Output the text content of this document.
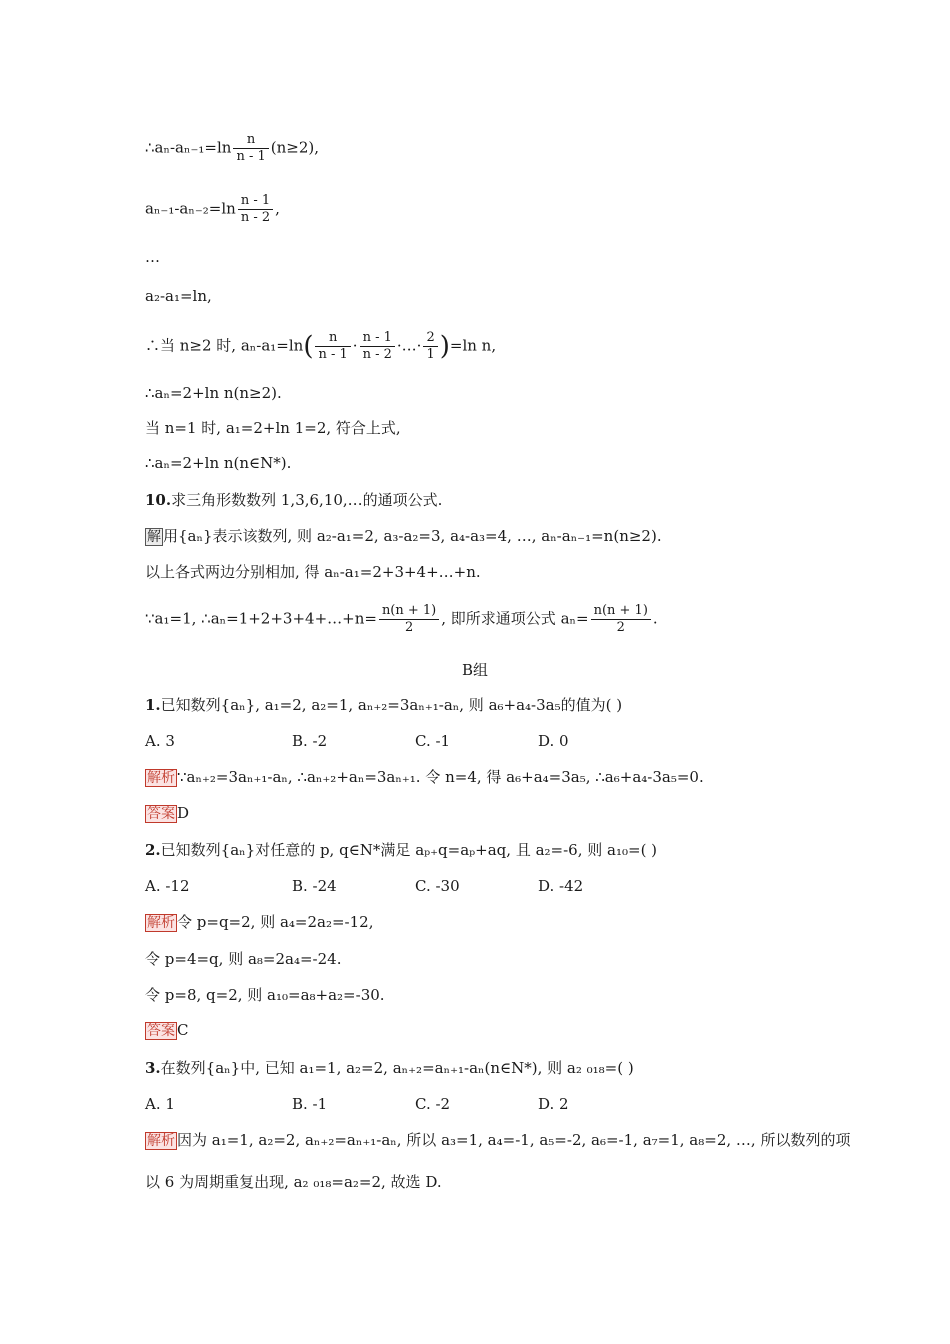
∴aₙ-aₙ₋₁=ln $\frac{n}{n - 1} (n\ge 2)$,
$a_{n-1}-a_{n-2}=\ln \frac{n - 1}{n - 2}$ ,
…
a₂-a₁=ln,
∴当 n≥2 时, $a_n-a_1=\ln( \frac{n}{n - 1} \cdot \frac{n - 1}{n - 2}$ ·…· $\frac{2}{1} )=\ln$ n,
∴aₙ=2+ln n(n≥2).
当 n=1 时, a₁=2+ln 1=2, 符合上式,
∴aₙ=2+ln n(n∈N*).
10.求三角形数数列 1,3,6,10,…的通项公式.
解 用{aₙ}表示该数列, 则 a₂-a₁=2, a₃-a₂=3, a₄-a₃=4, …, aₙ-aₙ₋₁=n(n≥2).
以上各式两边分别相加, 得 aₙ-a₁=2+3+4+…+n.
∵a₁=1, ∴aₙ=1+2+3+4+…+n= $\frac{n(n + 1)}{2}$ , 即所求通项公式 $a_n= \frac{n(n + 1)}{2}$ .
B组
1.已知数列{aₙ}, a₁=2, a₂=1, aₙ₊₂=3aₙ₊₁-aₙ, 则 a₆+a₄-3a₅的值为( )
A. 3	B. -2	C. -1	D. 0
解析 ∵aₙ₊₂=3aₙ₊₁-aₙ, ∴aₙ₊₂+aₙ=3aₙ₊₁. 令 n=4, 得 a₆+a₄=3a₅, ∴a₆+a₄-3a₅=0.
答案 D
2.已知数列{aₙ}对任意的 p, q∈N*满足 aₚ₊q=aₚ+aq, 且 a₂=-6, 则 a₁₀=( )
A. -12	B. -24	C. -30	D. -42
解析 令 p=q=2, 则 a₄=2a₂=-12,
令 p=4=q, 则 a₈=2a₄=-24.
令 p=8, q=2, 则 a₁₀=a₈+a₂=-30.
答案 C
3.在数列{aₙ}中, 已知 a₁=1, a₂=2, aₙ₊₂=aₙ₊₁-aₙ(n∈N*), 则 a₂ ₀₁₈=( )
A. 1	B. -1	C. -2	D. 2
解析 因为 a₁=1, a₂=2, aₙ₊₂=aₙ₊₁-aₙ, 所以 a₃=1, a₄=-1, a₅=-2, a₆=-1, a₇=1, a₈=2, …, 所以数列的项
以 6 为周期重复出现, a₂ ₀₁₈=a₂=2, 故选 D.
